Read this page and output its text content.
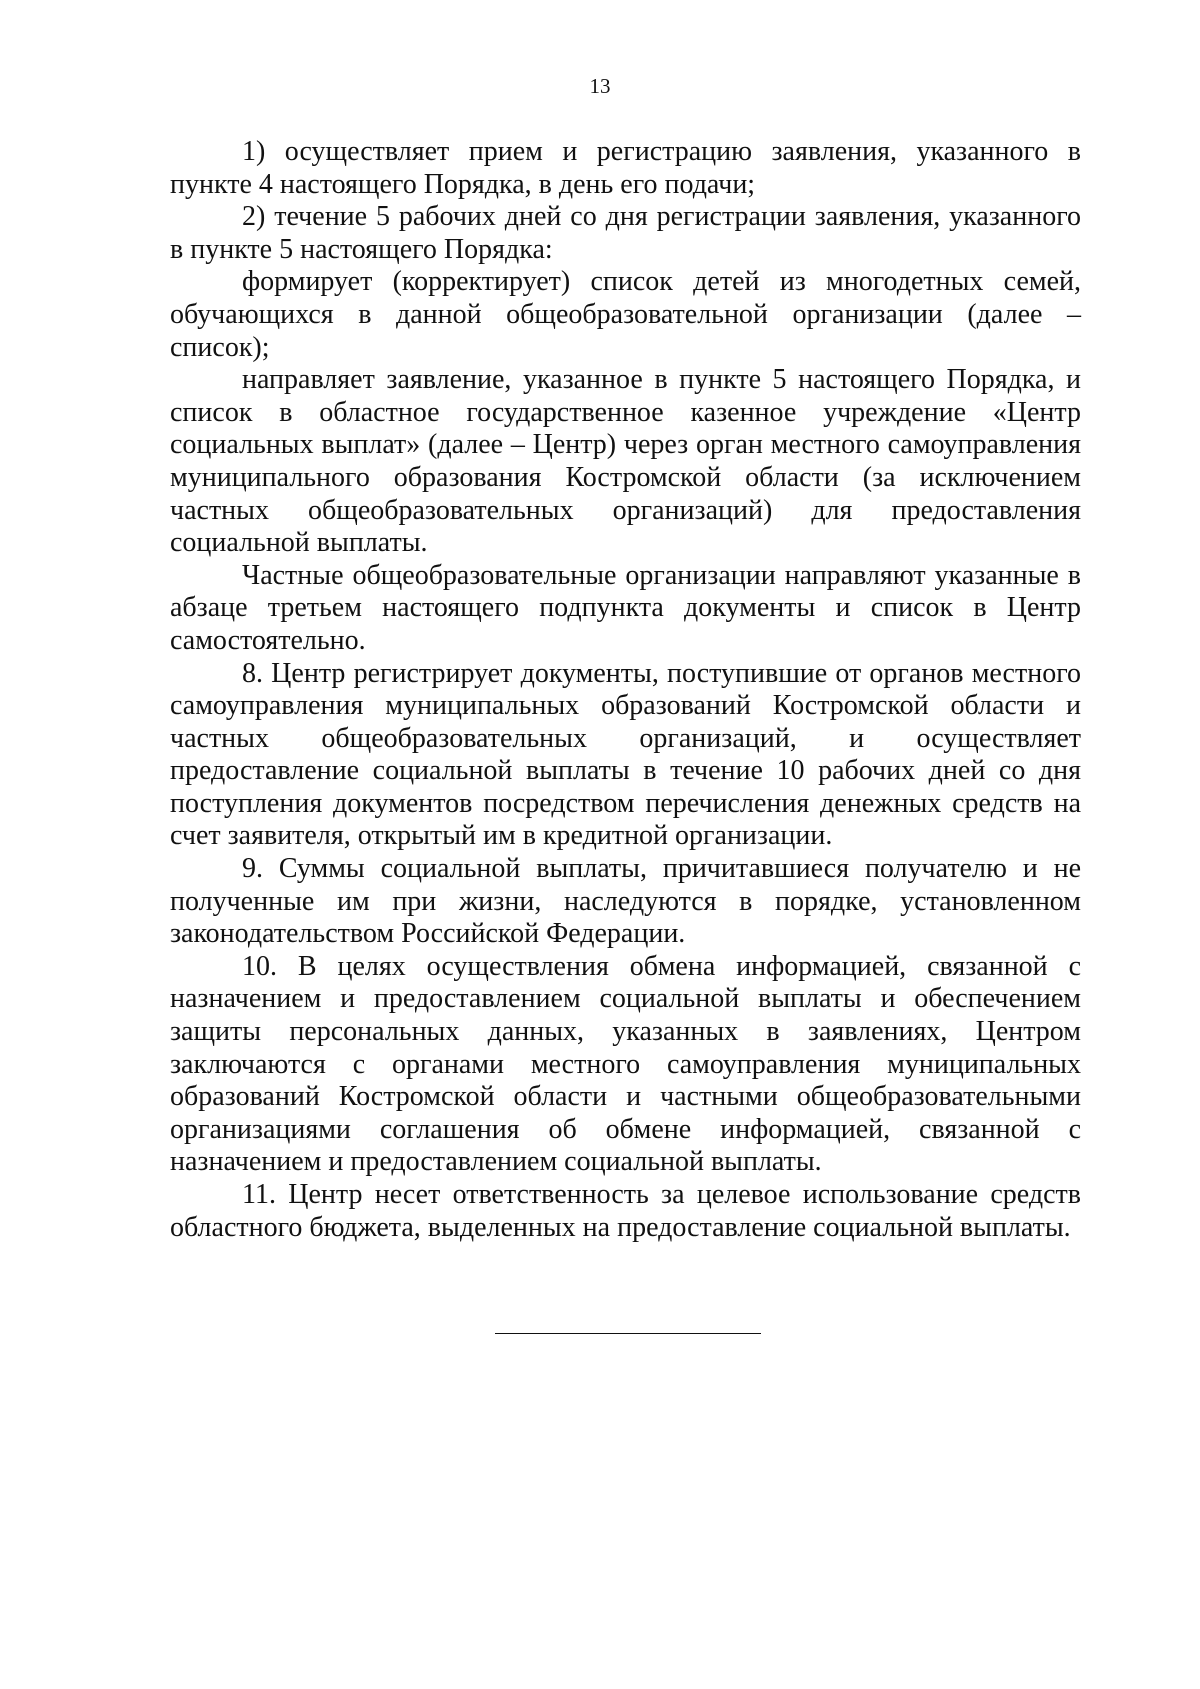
13

1) осуществляет прием и регистрацию заявления, указанного в пункте 4 настоящего Порядка, в день его подачи;

2) течение 5 рабочих дней со дня регистрации заявления, указанного в пункте 5 настоящего Порядка:

формирует (корректирует) список детей из многодетных семей, обучающихся в данной общеобразовательной организации (далее – список);

направляет заявление, указанное в пункте 5 настоящего Порядка, и список в областное государственное казенное учреждение «Центр социальных выплат» (далее – Центр) через орган местного самоуправления муниципального образования Костромской области (за исключением частных общеобразовательных организаций) для предоставления социальной выплаты.

Частные общеобразовательные организации направляют указанные в абзаце третьем настоящего подпункта документы и список в Центр самостоятельно.

8. Центр регистрирует документы, поступившие от органов местного самоуправления муниципальных образований Костромской области и частных общеобразовательных организаций, и осуществляет предоставление социальной выплаты в течение 10 рабочих дней со дня поступления документов посредством перечисления денежных средств на счет заявителя, открытый им в кредитной организации.

9. Суммы социальной выплаты, причитавшиеся получателю и не полученные им при жизни, наследуются в порядке, установленном законодательством Российской Федерации.

10. В целях осуществления обмена информацией, связанной с назначением и предоставлением социальной выплаты и обеспечением защиты персональных данных, указанных в заявлениях, Центром заключаются с органами местного самоуправления муниципальных образований Костромской области и частными общеобразовательными организациями соглашения об обмене информацией, связанной с назначением и предоставлением социальной выплаты.

11. Центр несет ответственность за целевое использование средств областного бюджета, выделенных на предоставление социальной выплаты.
